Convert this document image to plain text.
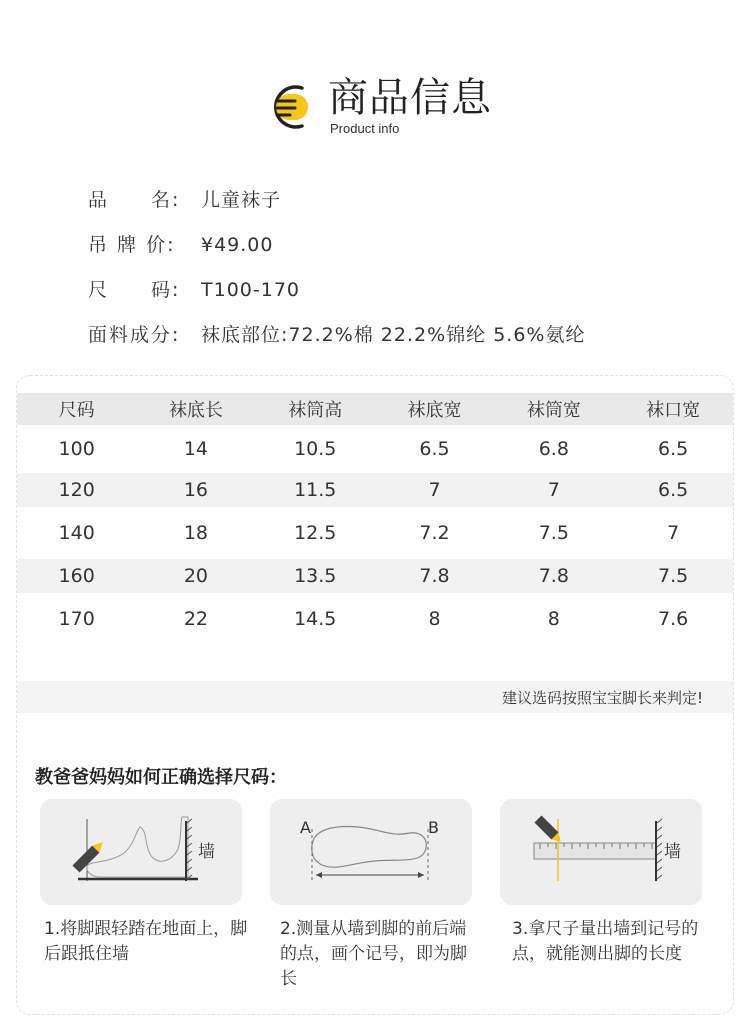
商品信息
Product info
品　　名:	儿童袜子
吊 牌 价:	¥49.00
尺　　码:	T100-170
面料成分:	袜底部位:72.2%棉 22.2%锦纶 5.6%氨纶
尺码	袜底长	袜筒高	袜底宽	袜筒宽	袜口宽
100	14	10.5	6.5	6.8	6.5
120	16	11.5	7	7	6.5
140	18	12.5	7.2	7.5	7
160	20	13.5	7.8	7.8	7.5
170	22	14.5	8	8	7.6
建议选码按照宝宝脚长来判定!
教爸爸妈妈如何正确选择尺码：
墙
A	B
墙
1.将脚跟轻踏在地面上，脚后跟抵住墙
2.测量从墙到脚的前后端的点，画个记号，即为脚长
3.拿尺子量出墙到记号的点，就能测出脚的长度
